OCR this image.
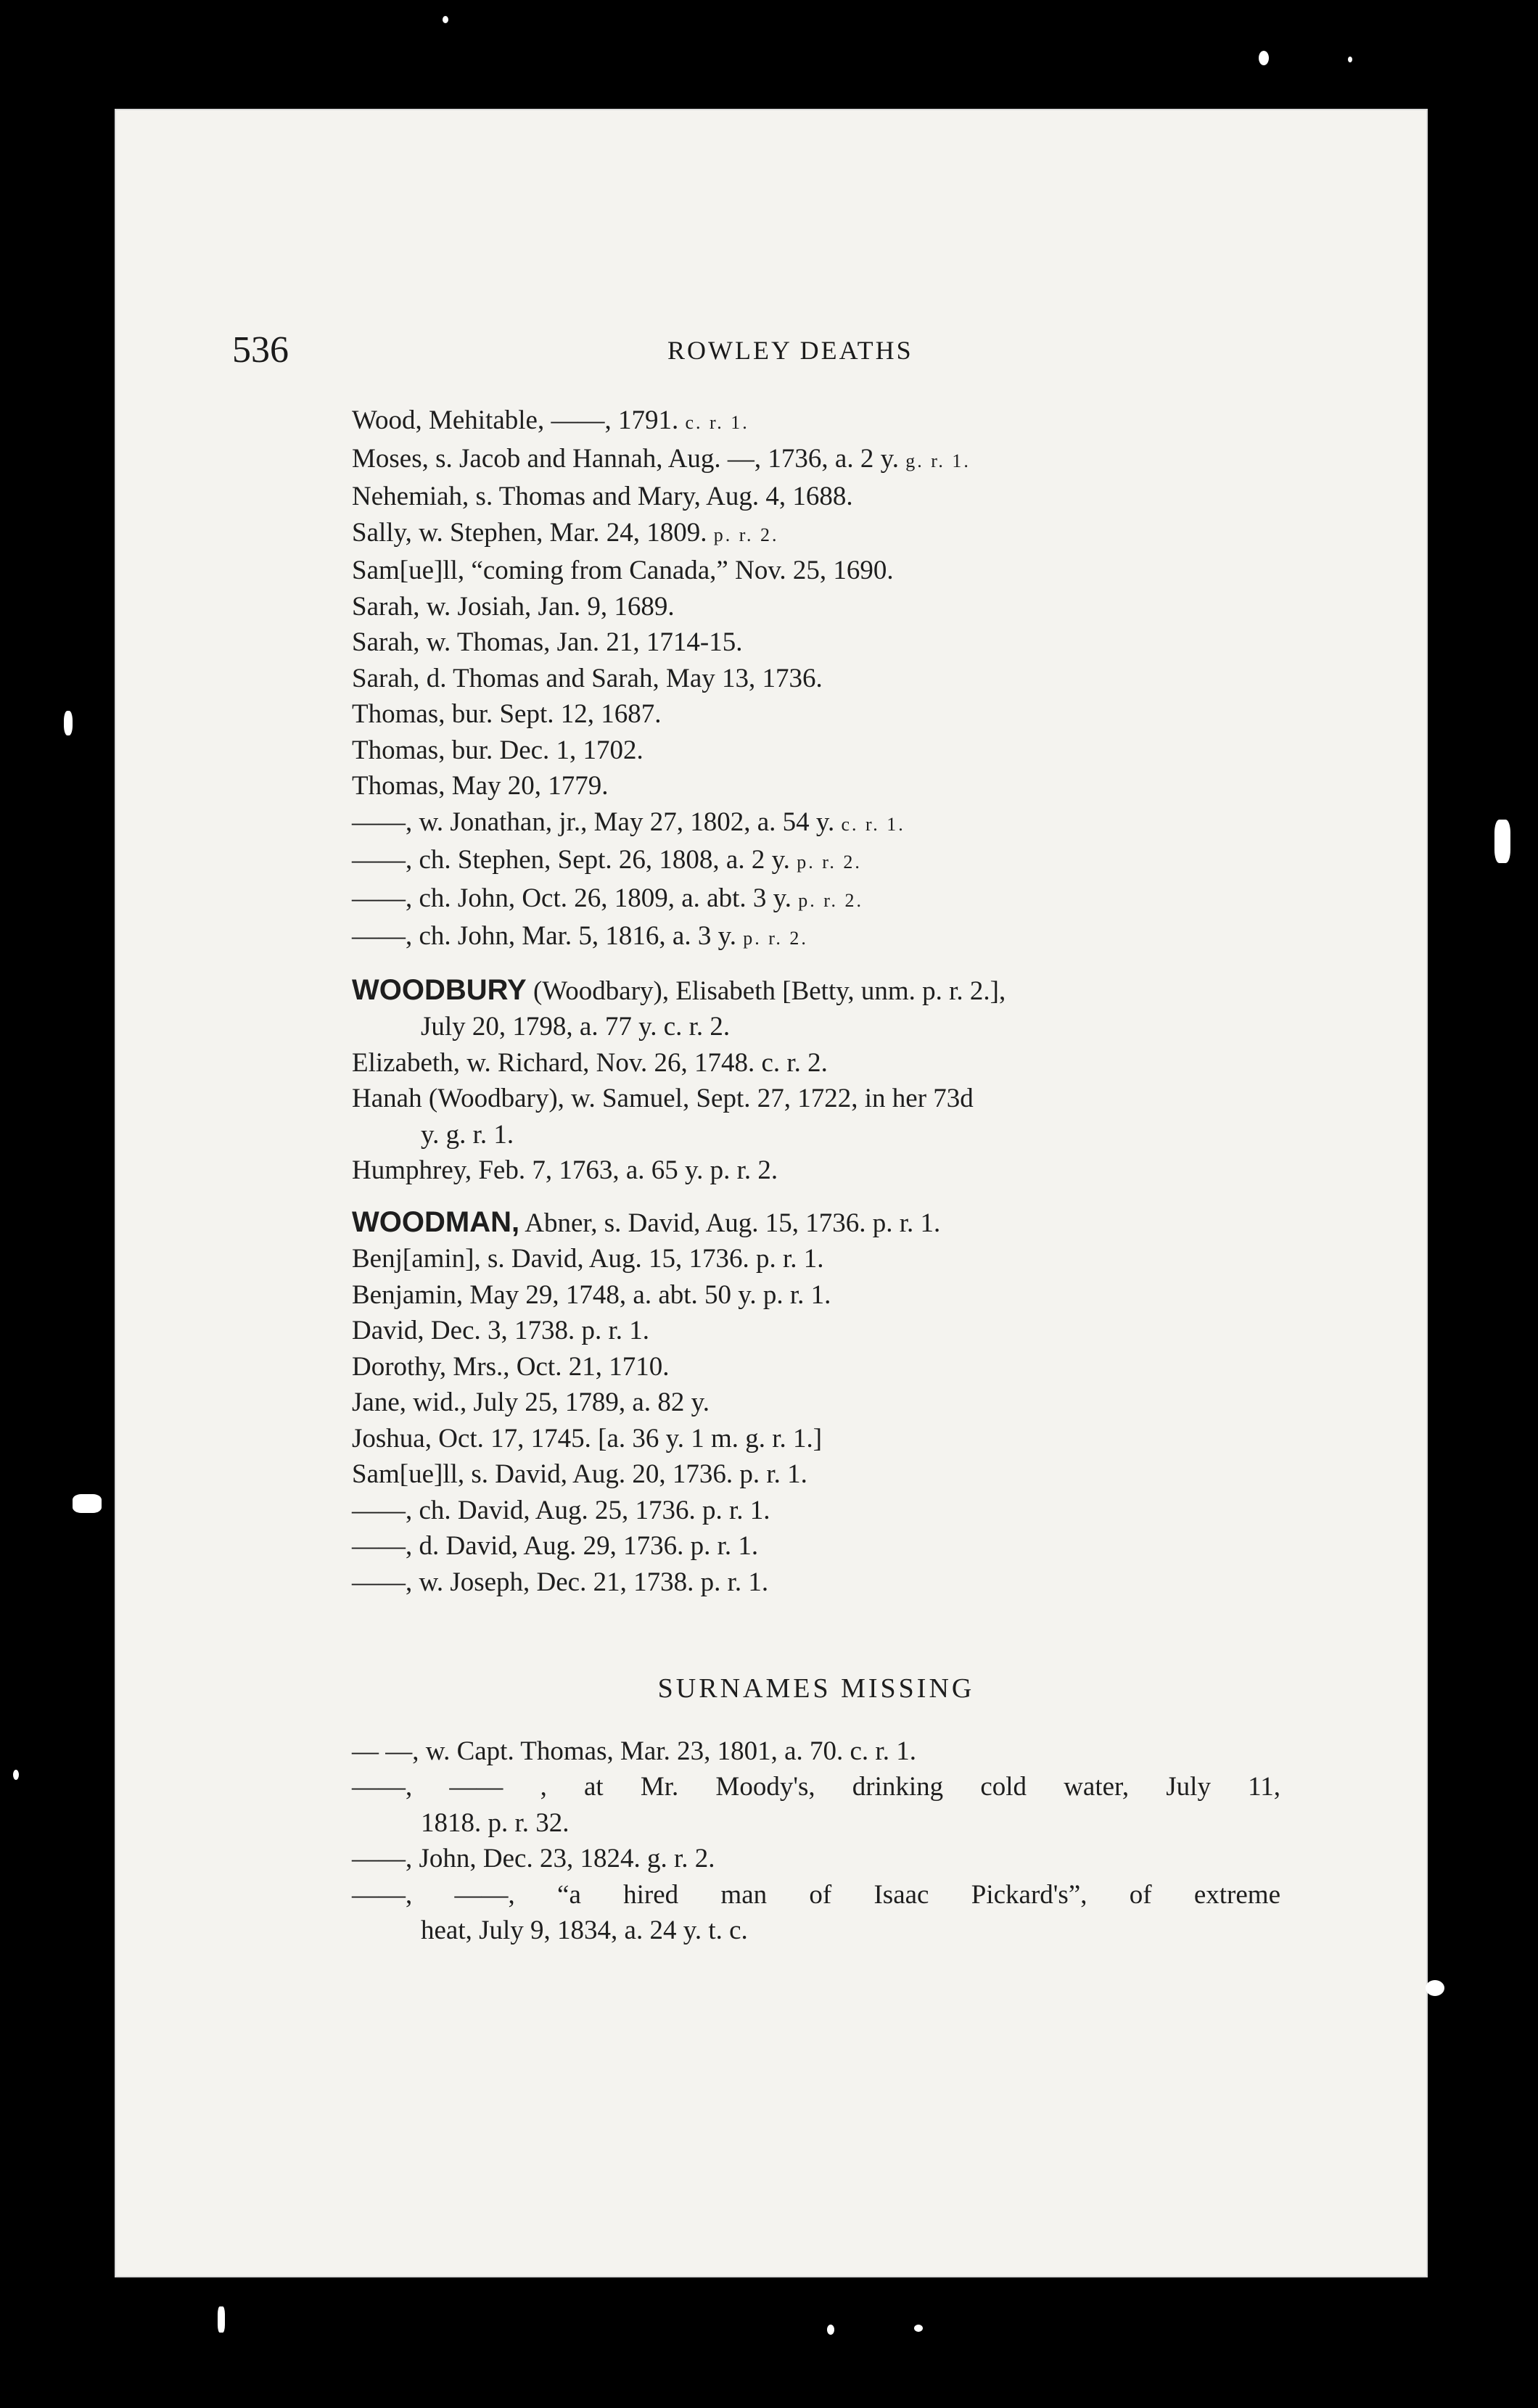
536	ROWLEY DEATHS
Wood, Mehitable, ——, 1791. c. r. 1.
Moses, s. Jacob and Hannah, Aug. —, 1736, a. 2 y. g. r. 1.
Nehemiah, s. Thomas and Mary, Aug. 4, 1688.
Sally, w. Stephen, Mar. 24, 1809. p. r. 2.
Sam[ue]ll, “coming from Canada,” Nov. 25, 1690.
Sarah, w. Josiah, Jan. 9, 1689.
Sarah, w. Thomas, Jan. 21, 1714-15.
Sarah, d. Thomas and Sarah, May 13, 1736.
Thomas, bur. Sept. 12, 1687.
Thomas, bur. Dec. 1, 1702.
Thomas, May 20, 1779.
——, w. Jonathan, jr., May 27, 1802, a. 54 y. c. r. 1.
——, ch. Stephen, Sept. 26, 1808, a. 2 y. p. r. 2.
——, ch. John, Oct. 26, 1809, a. abt. 3 y. p. r. 2.
——, ch. John, Mar. 5, 1816, a. 3 y. p. r. 2.
WOODBURY (Woodbary), Elisabeth [Betty, unm. p. r. 2.],
July 20, 1798, a. 77 y. c. r. 2.
Elizabeth, w. Richard, Nov. 26, 1748. c. r. 2.
Hanah (Woodbary), w. Samuel, Sept. 27, 1722, in her 73d
y. g. r. 1.
Humphrey, Feb. 7, 1763, a. 65 y. p. r. 2.
WOODMAN, Abner, s. David, Aug. 15, 1736. p. r. 1.
Benj[amin], s. David, Aug. 15, 1736. p. r. 1.
Benjamin, May 29, 1748, a. abt. 50 y. p. r. 1.
David, Dec. 3, 1738. p. r. 1.
Dorothy, Mrs., Oct. 21, 1710.
Jane, wid., July 25, 1789, a. 82 y.
Joshua, Oct. 17, 1745. [a. 36 y. 1 m. g. r. 1.]
Sam[ue]ll, s. David, Aug. 20, 1736. p. r. 1.
——, ch. David, Aug. 25, 1736. p. r. 1.
——, d. David, Aug. 29, 1736. p. r. 1.
——, w. Joseph, Dec. 21, 1738. p. r. 1.
SURNAMES MISSING
— —, w. Capt. Thomas, Mar. 23, 1801, a. 70. c. r. 1.
——, —— , at Mr. Moody's, drinking cold water, July 11,
1818. p. r. 32.
——, John, Dec. 23, 1824. g. r. 2.
——, ——, “a hired man of Isaac Pickard's”, of extreme
heat, July 9, 1834, a. 24 y. t. c.
